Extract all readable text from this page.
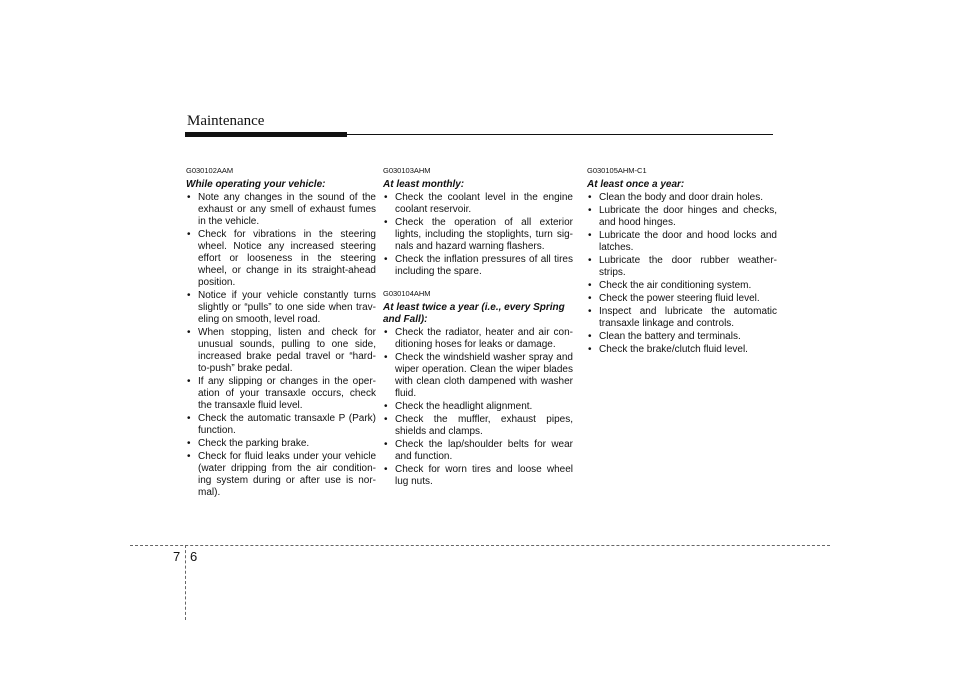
Maintenance
G030102AAM
While operating your vehicle:
• Note any changes in the sound of the exhaust or any smell of exhaust fumes in the vehicle.
• Check for vibrations in the steering wheel. Notice any increased steering effort or looseness in the steering wheel, or change in its straight-ahead position.
• Notice if your vehicle constantly turns slightly or “pulls” to one side when trav-eling on smooth, level road.
• When stopping, listen and check for unusual sounds, pulling to one side, increased brake pedal travel or “hard-to-push” brake pedal.
• If any slipping or changes in the oper-ation of your transaxle occurs, check the transaxle fluid level.
• Check the automatic transaxle P (Park) function.
• Check the parking brake.
• Check for fluid leaks under your vehicle (water dripping from the air condition-ing system during or after use is nor-mal).
G030103AHM
At least monthly:
• Check the coolant level in the engine coolant reservoir.
• Check the operation of all exterior lights, including the stoplights, turn sig-nals and hazard warning flashers.
• Check the inflation pressures of all tires including the spare.
G030104AHM
At least twice a year (i.e., every Spring and Fall):
• Check the radiator, heater and air con-ditioning hoses for leaks or damage.
• Check the windshield washer spray and wiper operation. Clean the wiper blades with clean cloth dampened with washer fluid.
• Check the headlight alignment.
• Check the muffler, exhaust pipes, shields and clamps.
• Check the lap/shoulder belts for wear and function.
• Check for worn tires and loose wheel lug nuts.
G030105AHM-C1
At least once a year:
• Clean the body and door drain holes.
• Lubricate the door hinges and checks, and hood hinges.
• Lubricate the door and hood locks and latches.
• Lubricate the door rubber weather-strips.
• Check the air conditioning system.
• Check the power steering fluid level.
• Inspect and lubricate the automatic transaxle linkage and controls.
• Clean the battery and terminals.
• Check the brake/clutch fluid level.
7 6
